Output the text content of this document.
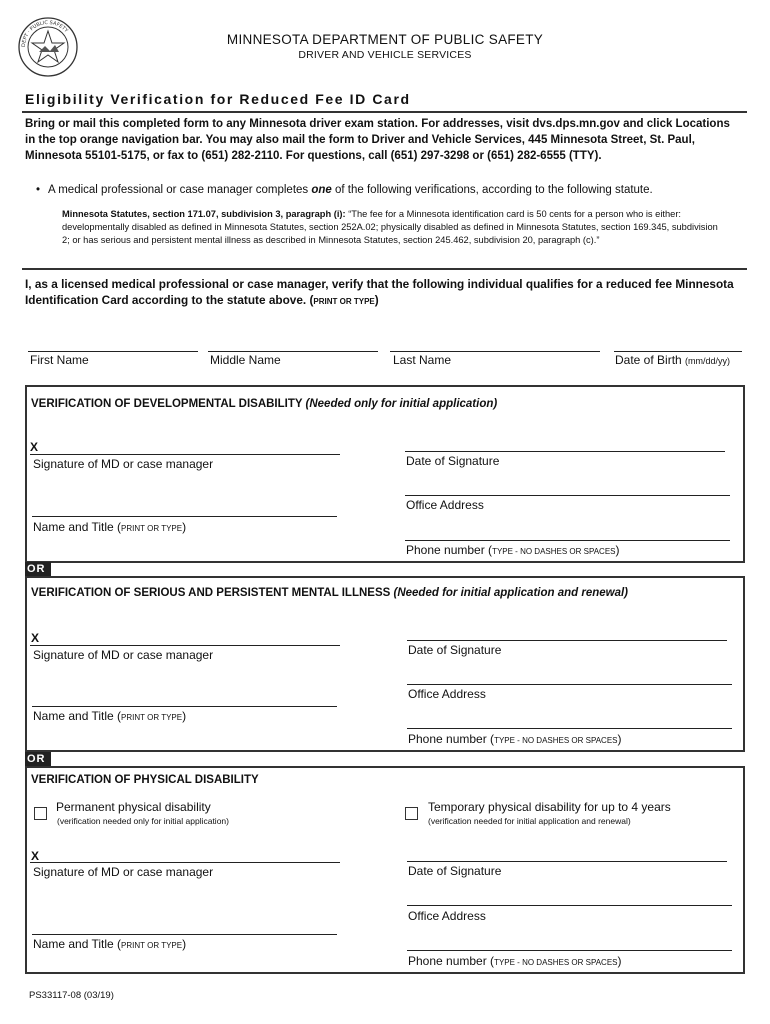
DEPT · PUBLIC SAFETY
MINNESOTA DEPARTMENT OF PUBLIC SAFETY
DRIVER AND VEHICLE SERVICES
Eligibility Verification for Reduced Fee ID Card
Bring or mail this completed form to any Minnesota driver exam station. For addresses, visit dvs.dps.mn.gov and click Locations in the top orange navigation bar. You may also mail the form to Driver and Vehicle Services, 445 Minnesota Street, St. Paul, Minnesota 55101-5175, or fax to (651) 282-2110. For questions, call (651) 297-3298 or (651) 282-6555 (TTY).
• A medical professional or case manager completes one of the following verifications, according to the following statute.
Minnesota Statutes, section 171.07, subdivision 3, paragraph (i): “The fee for a Minnesota identification card is 50 cents for a person who is either: developmentally disabled as defined in Minnesota Statutes, section 252A.02; physically disabled as defined in Minnesota Statutes, section 169.345, subdivision 2; or has serious and persistent mental illness as described in Minnesota Statutes, section 245.462, subdivision 20, paragraph (c).”
I, as a licensed medical professional or case manager, verify that the following individual qualifies for a reduced fee Minnesota Identification Card according to the statute above. (PRINT OR TYPE)
First Name	Middle Name	Last Name	Date of Birth (mm/dd/yy)
VERIFICATION OF DEVELOPMENTAL DISABILITY (Needed only for initial application)
X
Signature of MD or case manager
Name and Title (PRINT OR TYPE)
Date of Signature
Office Address
Phone number (TYPE - NO DASHES OR SPACES)
OR
VERIFICATION OF SERIOUS AND PERSISTENT MENTAL ILLNESS (Needed for initial application and renewal)
X
Signature of MD or case manager
Name and Title (PRINT OR TYPE)
Date of Signature
Office Address
Phone number (TYPE - NO DASHES OR SPACES)
OR
VERIFICATION OF PHYSICAL DISABILITY
Permanent physical disability
(verification needed only for initial application)
Temporary physical disability for up to 4 years
(verification needed for initial application and renewal)
X
Signature of MD or case manager
Name and Title (PRINT OR TYPE)
Date of Signature
Office Address
Phone number (TYPE - NO DASHES OR SPACES)
PS33117-08 (03/19)
